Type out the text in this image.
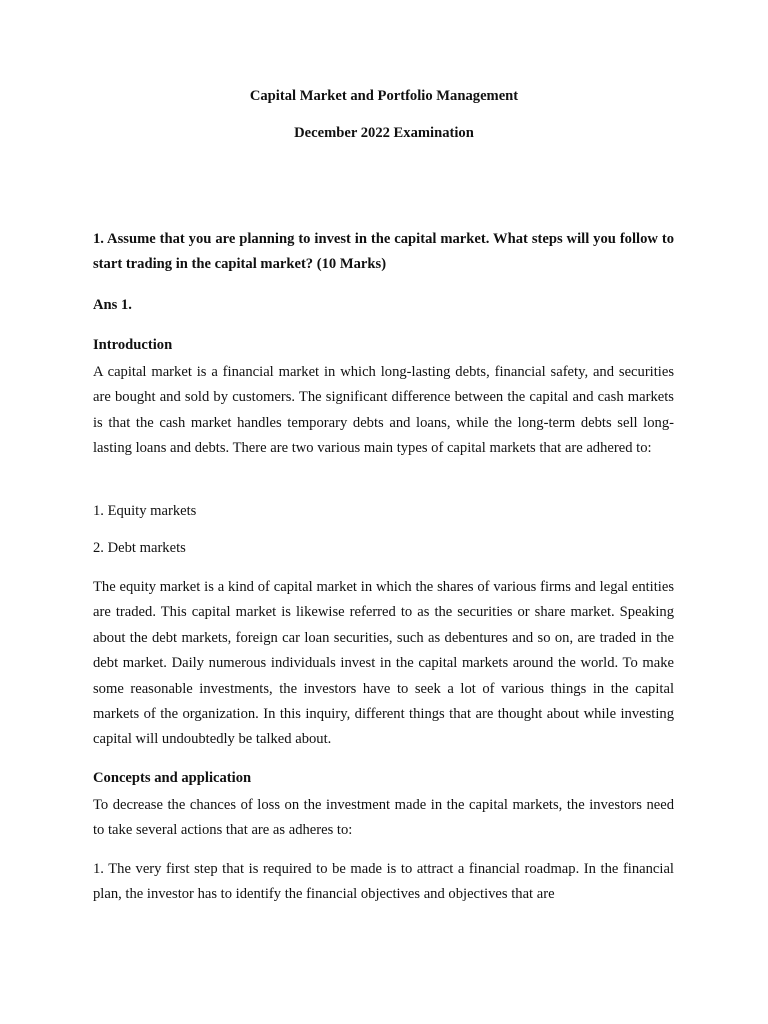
Capital Market and Portfolio Management
December 2022 Examination

1. Assume that you are planning to invest in the capital market. What steps will you follow to start trading in the capital market? (10 Marks)

Ans 1.

Introduction

A capital market is a financial market in which long-lasting debts, financial safety, and securities are bought and sold by customers. The significant difference between the capital and cash markets is that the cash market handles temporary debts and loans, while the long-term debts sell long-lasting loans and debts. There are two various main types of capital markets that are adhered to:

1. Equity markets

2. Debt markets

The equity market is a kind of capital market in which the shares of various firms and legal entities are traded. This capital market is likewise referred to as the securities or share market. Speaking about the debt markets, foreign car loan securities, such as debentures and so on, are traded in the debt market. Daily numerous individuals invest in the capital markets around the world. To make some reasonable investments, the investors have to seek a lot of various things in the capital markets of the organization. In this inquiry, different things that are thought about while investing capital will undoubtedly be talked about.

Concepts and application

To decrease the chances of loss on the investment made in the capital markets, the investors need to take several actions that are as adheres to:

1. The very first step that is required to be made is to attract a financial roadmap. In the financial plan, the investor has to identify the financial objectives and objectives that are
